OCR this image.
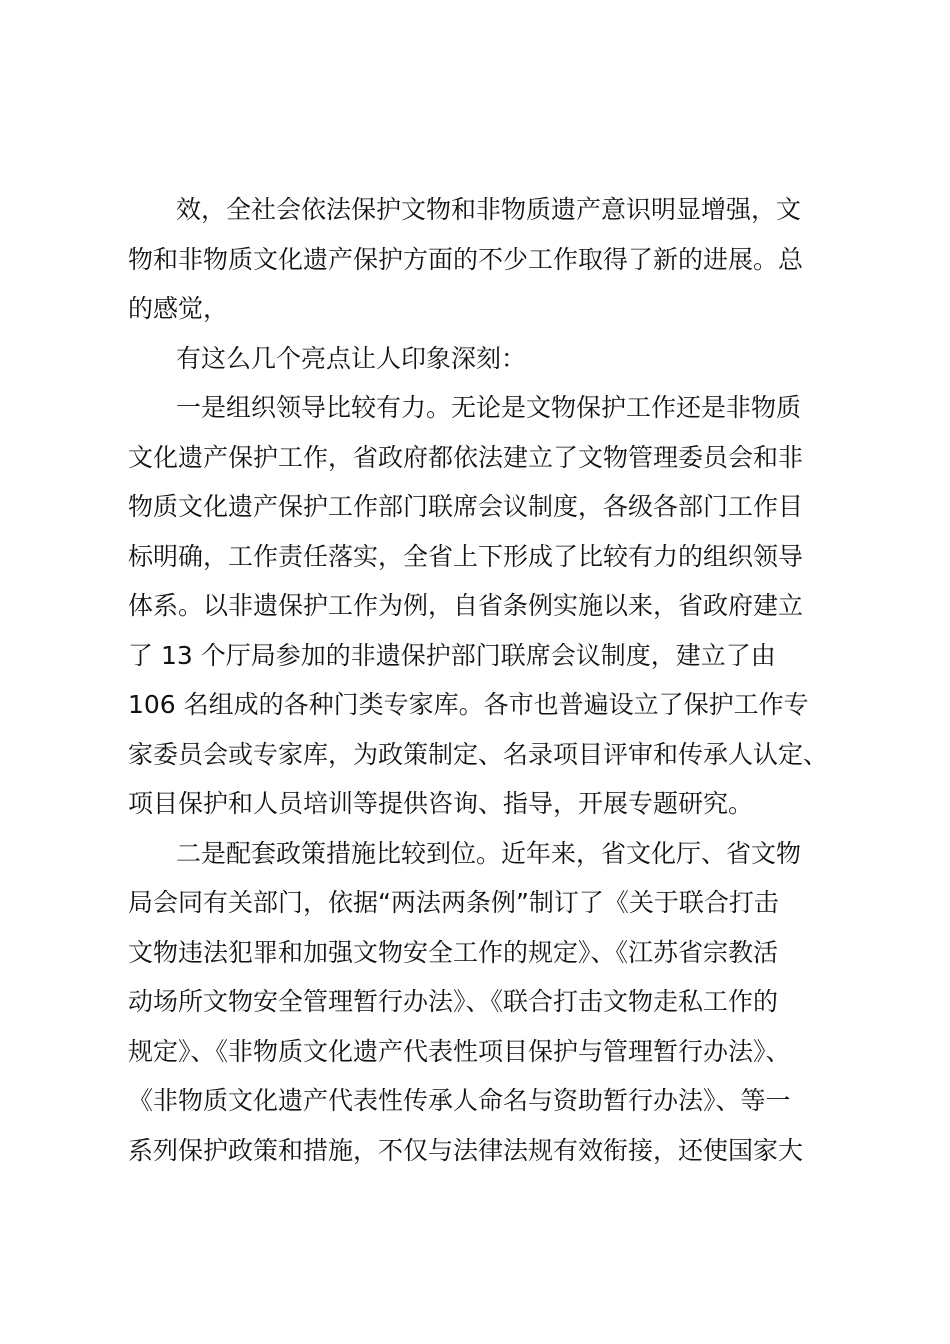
效，全社会依法保护文物和非物质遗产意识明显增强，文
物和非物质文化遗产保护方面的不少工作取得了新的进展。总
的感觉，
有这么几个亮点让人印象深刻：
一是组织领导比较有力。无论是文物保护工作还是非物质
文化遗产保护工作，省政府都依法建立了文物管理委员会和非
物质文化遗产保护工作部门联席会议制度，各级各部门工作目
标明确，工作责任落实，全省上下形成了比较有力的组织领导
体系。以非遗保护工作为例，自省条例实施以来，省政府建立
了 13 个厅局参加的非遗保护部门联席会议制度，建立了由
106 名组成的各种门类专家库。各市也普遍设立了保护工作专
家委员会或专家库，为政策制定、名录项目评审和传承人认定、
项目保护和人员培训等提供咨询、指导，开展专题研究。
二是配套政策措施比较到位。近年来，省文化厅、省文物
局会同有关部门，依据“两法两条例”制订了《关于联合打击
文物违法犯罪和加强文物安全工作的规定》、《江苏省宗教活
动场所文物安全管理暂行办法》、《联合打击文物走私工作的
规定》、《非物质文化遗产代表性项目保护与管理暂行办法》、
《非物质文化遗产代表性传承人命名与资助暂行办法》、等一
系列保护政策和措施，不仅与法律法规有效衔接，还使国家大
